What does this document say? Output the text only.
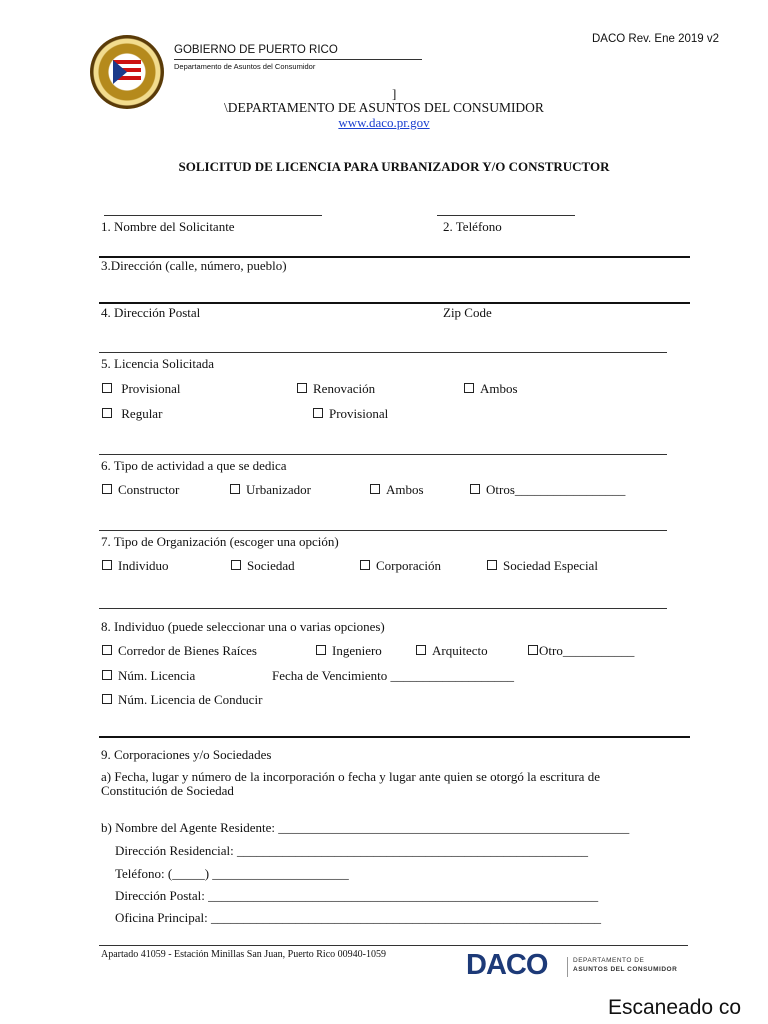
GOBIERNO DE PUERTO RICO
Departamento de Asuntos del Consumidor
DACO Rev. Ene 2019 v2
]
\DEPARTAMENTO DE ASUNTOS DEL CONSUMIDOR
www.daco.pr.gov
SOLICITUD DE LICENCIA PARA URBANIZADOR Y/O CONSTRUCTOR
1. Nombre del Solicitante	2. Teléfono
3.Dirección (calle, número, pueblo)
4. Dirección Postal	Zip Code
5. Licencia Solicitada
Provisional	Renovación	Ambos
Regular	Provisional
6. Tipo de actividad a que se dedica
Constructor	Urbanizador	Ambos	Otros_________________
7. Tipo de Organización (escoger una opción)
Individuo	Sociedad	Corporación	Sociedad Especial
8. Individuo (puede seleccionar una o varias opciones)
Corredor de Bienes Raíces	Ingeniero	Arquitecto	Otro___________
Núm. Licencia	Fecha de Vencimiento ___________________
Núm. Licencia de Conducir
9. Corporaciones y/o Sociedades
a) Fecha, lugar y número de la incorporación o fecha y lugar ante quien se otorgó la escritura de
Constitución de Sociedad
b) Nombre del Agente Residente: ______________________________________________________
Dirección Residencial: ______________________________________________________
Teléfono: (_____) _____________________
Dirección Postal: ____________________________________________________________
Oficina Principal: ____________________________________________________________
Apartado 41059 - Estación Minillas San Juan, Puerto Rico 00940-1059	DACO	DEPARTAMENTO DE
ASUNTOS DEL CONSUMIDOR
Escaneado co
